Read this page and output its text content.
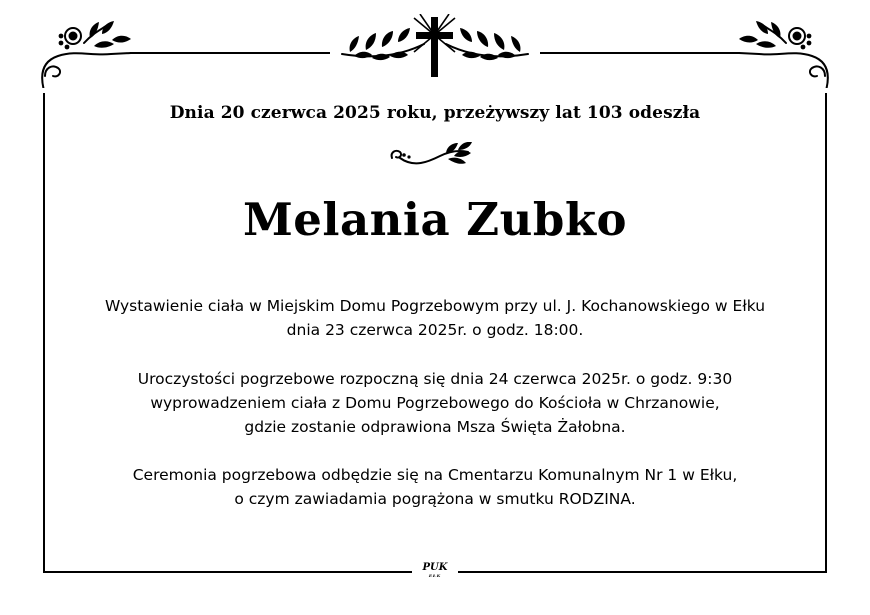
Dnia 20 czerwca 2025 roku, przeżywszy lat 103 odeszła
Melania Zubko
Wystawienie ciała w Miejskim Domu Pogrzebowym przy ul. J. Kochanowskiego w Ełku
dnia 23 czerwca 2025r. o godz. 18:00.
Uroczystości pogrzebowe rozpoczną się dnia 24 czerwca 2025r. o godz. 9:30
wyprowadzeniem ciała z Domu Pogrzebowego do Kościoła w Chrzanowie,
gdzie zostanie odprawiona Msza Święta Żałobna.
Ceremonia pogrzebowa odbędzie się na Cmentarzu Komunalnym Nr 1 w Ełku,
o czym zawiadamia pogrążona w smutku RODZINA.
PUK
EŁK
